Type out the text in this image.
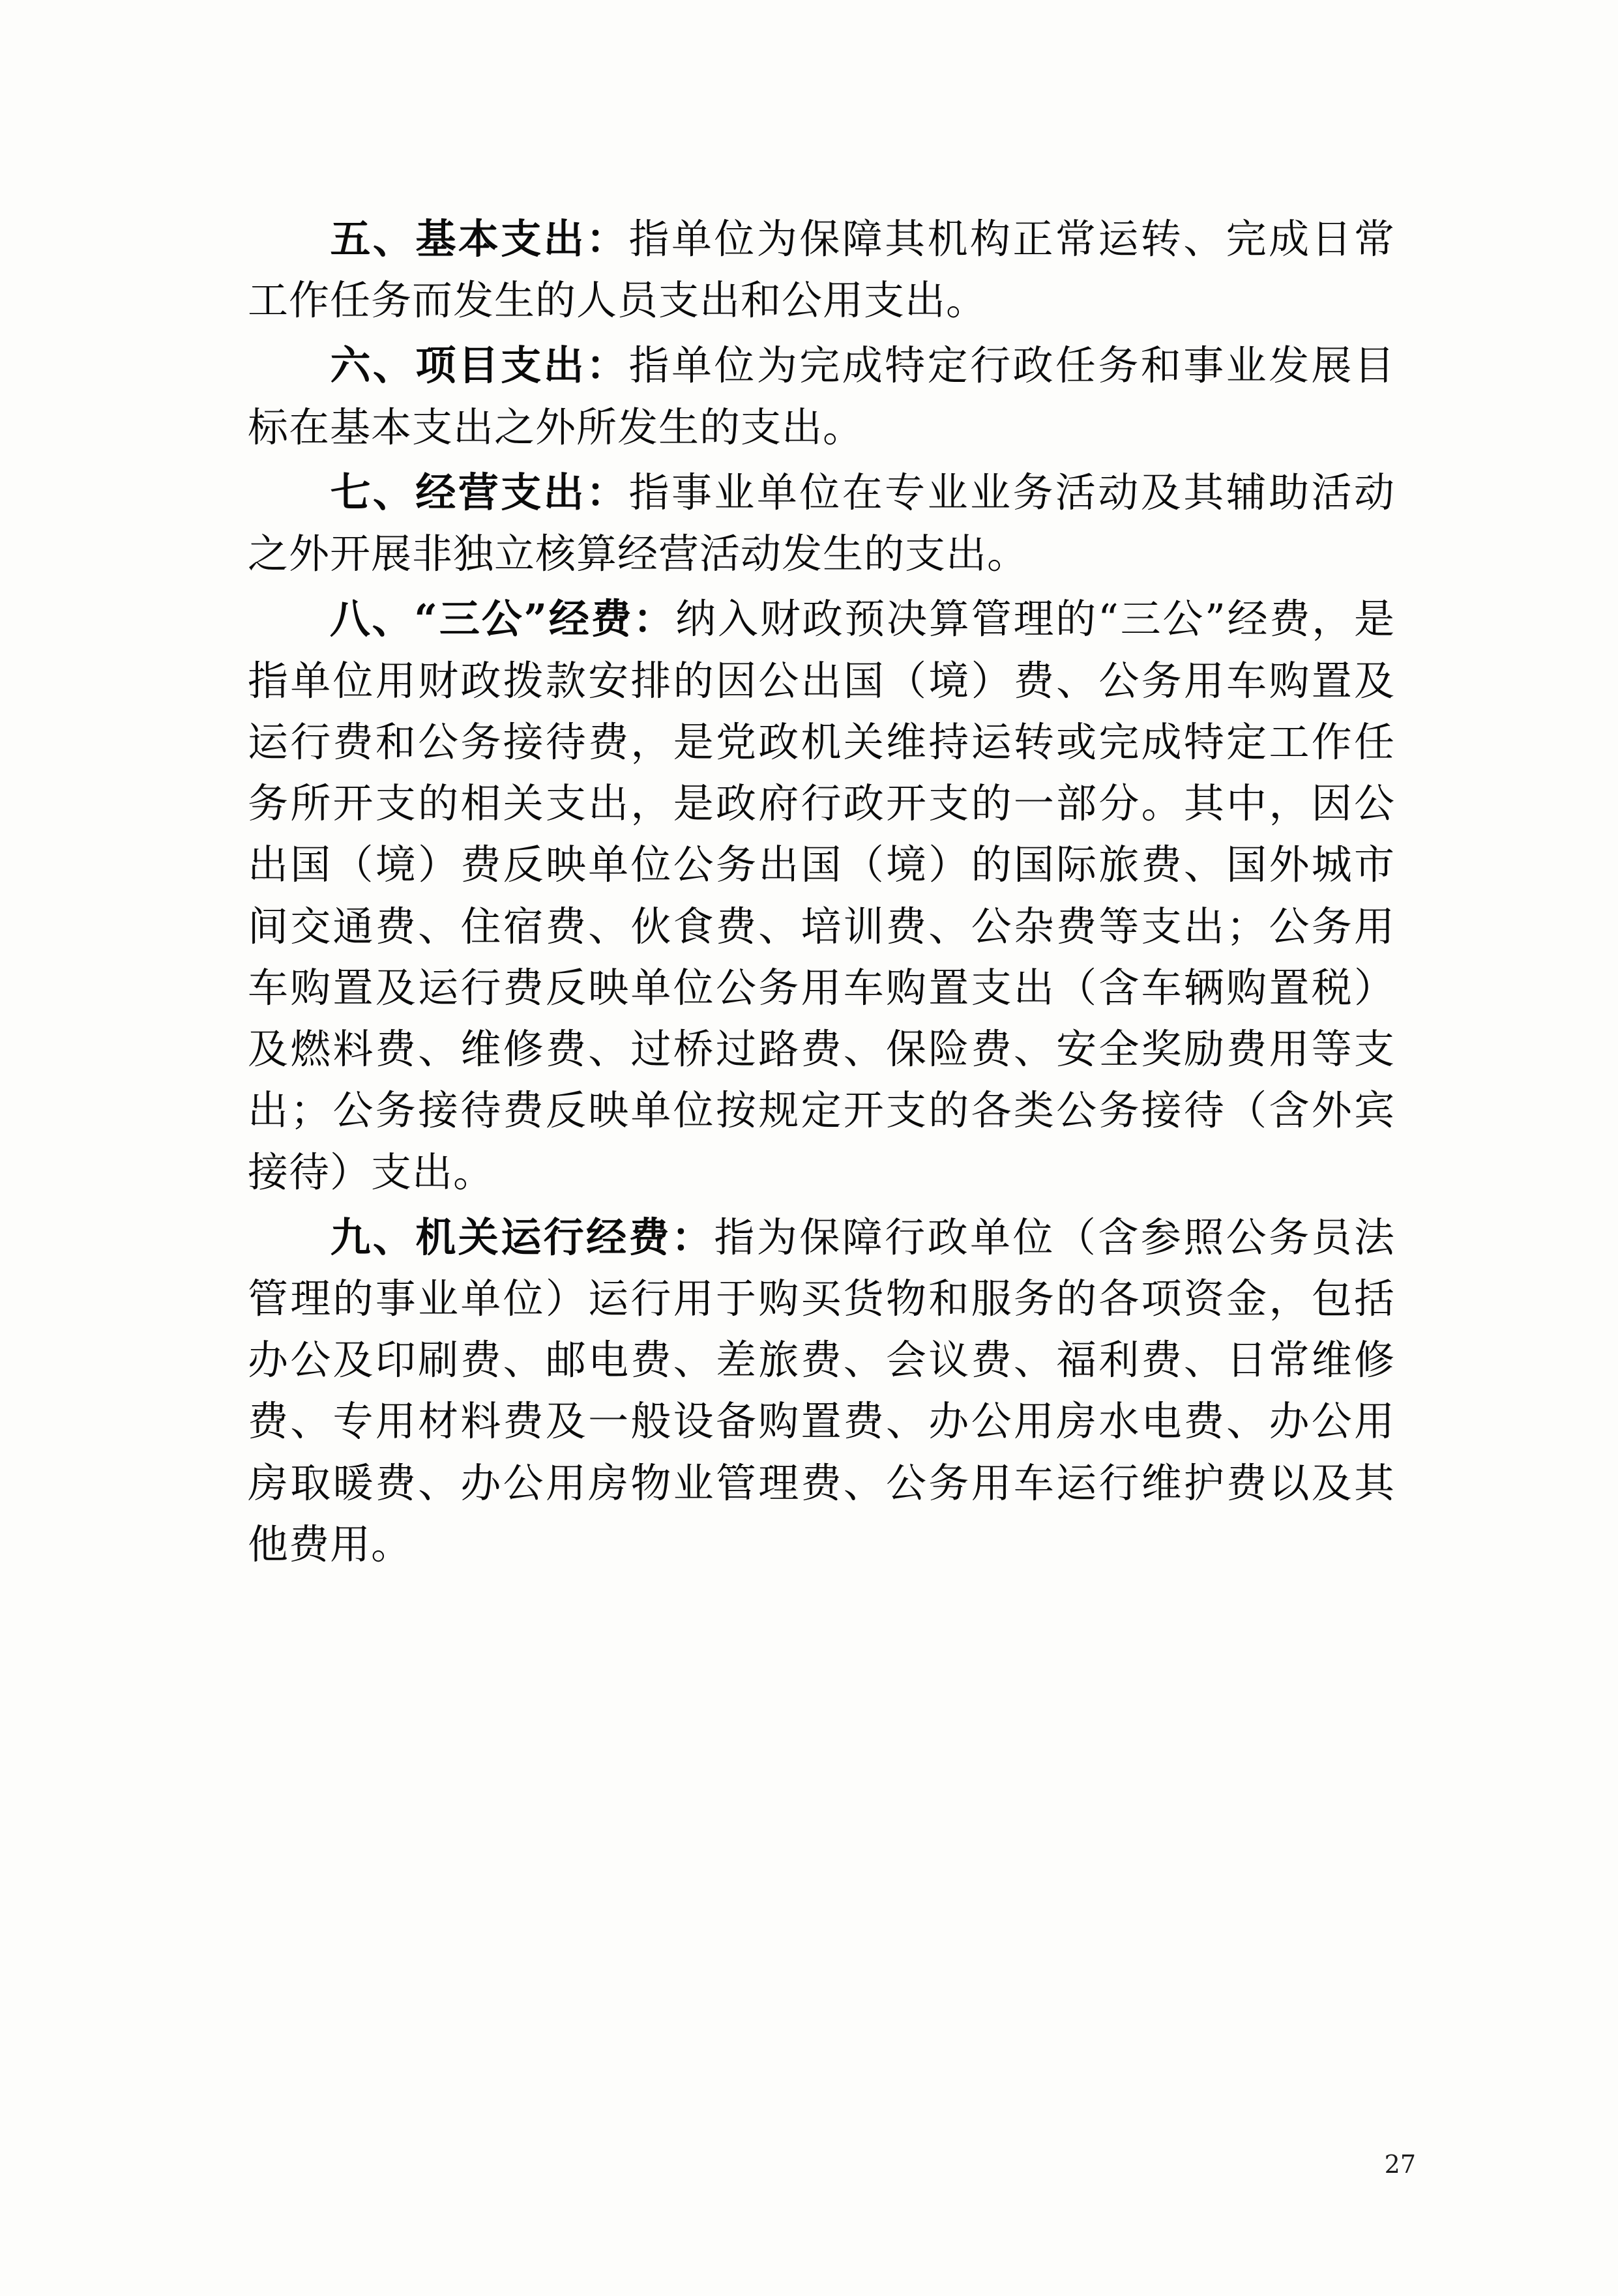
五、基本支出：指单位为保障其机构正常运转、完成日常工作任务而发生的人员支出和公用支出。

六、项目支出：指单位为完成特定行政任务和事业发展目标在基本支出之外所发生的支出。

七、经营支出：指事业单位在专业业务活动及其辅助活动之外开展非独立核算经营活动发生的支出。

八、“三公”经费：纳入财政预决算管理的“三公”经费，是指单位用财政拨款安排的因公出国（境）费、公务用车购置及运行费和公务接待费，是党政机关维持运转或完成特定工作任务所开支的相关支出，是政府行政开支的一部分。其中，因公出国（境）费反映单位公务出国（境）的国际旅费、国外城市间交通费、住宿费、伙食费、培训费、公杂费等支出；公务用车购置及运行费反映单位公务用车购置支出（含车辆购置税）及燃料费、维修费、过桥过路费、保险费、安全奖励费用等支出；公务接待费反映单位按规定开支的各类公务接待（含外宾接待）支出。

九、机关运行经费：指为保障行政单位（含参照公务员法管理的事业单位）运行用于购买货物和服务的各项资金，包括办公及印刷费、邮电费、差旅费、会议费、福利费、日常维修费、专用材料费及一般设备购置费、办公用房水电费、办公用房取暖费、办公用房物业管理费、公务用车运行维护费以及其他费用。

27
